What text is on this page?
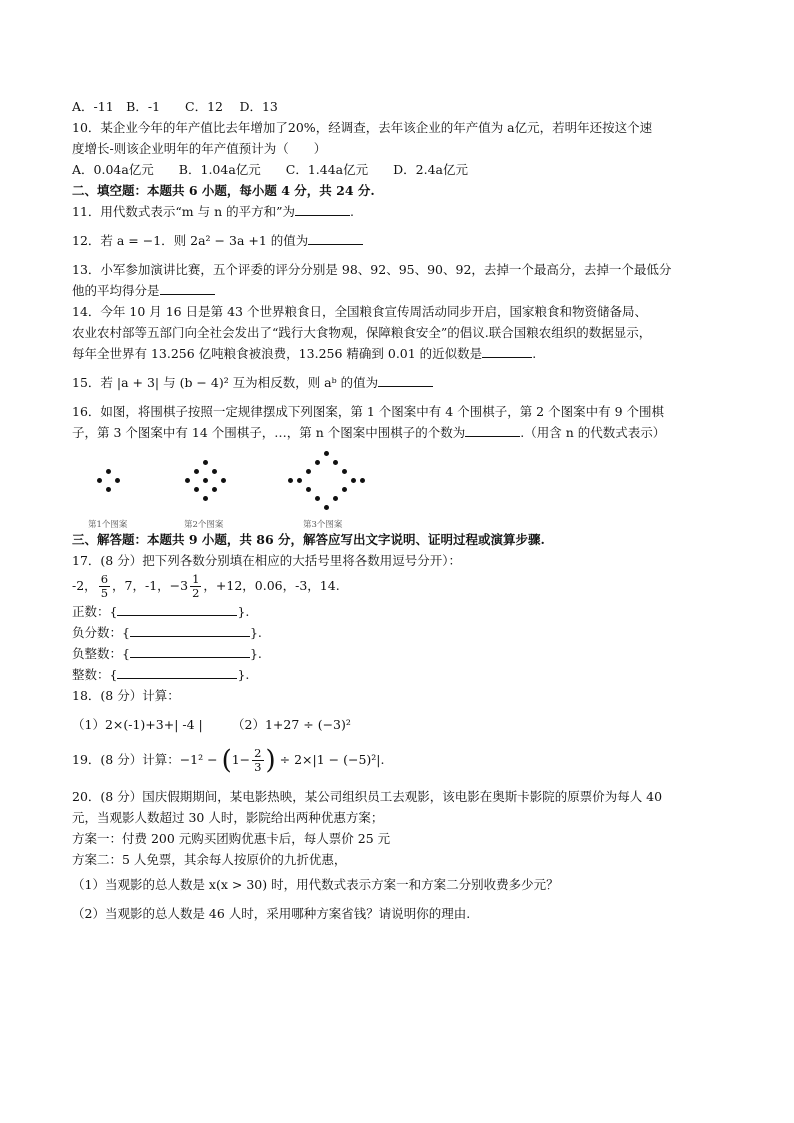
A．-11　B．-1　　C．12　 D．13
10．某企业今年的年产值比去年增加了20%，经调查，去年该企业的年产值为 a亿元，若明年还按这个速
度增长-则该企业明年的年产值预计为（　　）
A．0.04a亿元　　B．1.04a亿元　　C．1.44a亿元　　D．2.4a亿元
二、填空题：本题共 6 小题，每小题 4 分，共 24 分.
11．用代数式表示“m 与 n 的平方和”为	.
12．若 a = −1．则 2a² − 3a +1 的值为
13．小军参加演讲比赛，五个评委的评分分别是 98、92、95、90、92，去掉一个最高分，去掉一个最低分
他的平均得分是
14．今年 10 月 16 日是第 43 个世界粮食日，全国粮食宣传周活动同步开启，国家粮食和物资储备局、
农业农村部等五部门向全社会发出了“践行大食物观，保障粮食安全”的倡议.联合国粮农组织的数据显示，
每年全世界有 13.256 亿吨粮食被浪费，13.256 精确到 0.01 的近似数是	.
15．若 |a + 3| 与 (b − 4)² 互为相反数，则 aᵇ 的值为
16．如图，将围棋子按照一定规律摆成下列图案，第 1 个图案中有 4 个围棋子，第 2 个图案中有 9 个围棋
子，第 3 个图案中有 14 个围棋子，…，第 n 个图案中围棋子的个数为	.（用含 n 的代数式表示）
第1个图案	第2个图案	第3个图案
三、解答题：本题共 9 小题，共 86 分，解答应写出文字说明、证明过程或演算步骤.
17．(8 分）把下列各数分别填在相应的大括号里将各数用逗号分开）：
-2， $\frac{6}{5}$ ，7，-1，$-3 \frac{1}{2}$ ，+12，0.06，-3，14.
正数：{	}.
负分数：{	}.
负整数：{	}.
整数：{	}.
18．(8 分）计算：
（1）2×(-1)+3+| -4 | （2）1+27 ÷ (−3)²
19．(8 分）计算：$-1^2 - (1- \frac{2}{3}$ ) ÷ 2×|1 − (−5)²|.
20．(8 分）国庆假期期间，某电影热映，某公司组织员工去观影，该电影在奥斯卡影院的原票价为每人 40
元，当观影人数超过 30 人时，影院给出两种优惠方案；
方案一：付费 200 元购买团购优惠卡后，每人票价 25 元
方案二：5 人免票，其余每人按原价的九折优惠，
（1）当观影的总人数是 x(x > 30) 时，用代数式表示方案一和方案二分别收费多少元？
（2）当观影的总人数是 46 人时，采用哪种方案省钱？请说明你的理由.
